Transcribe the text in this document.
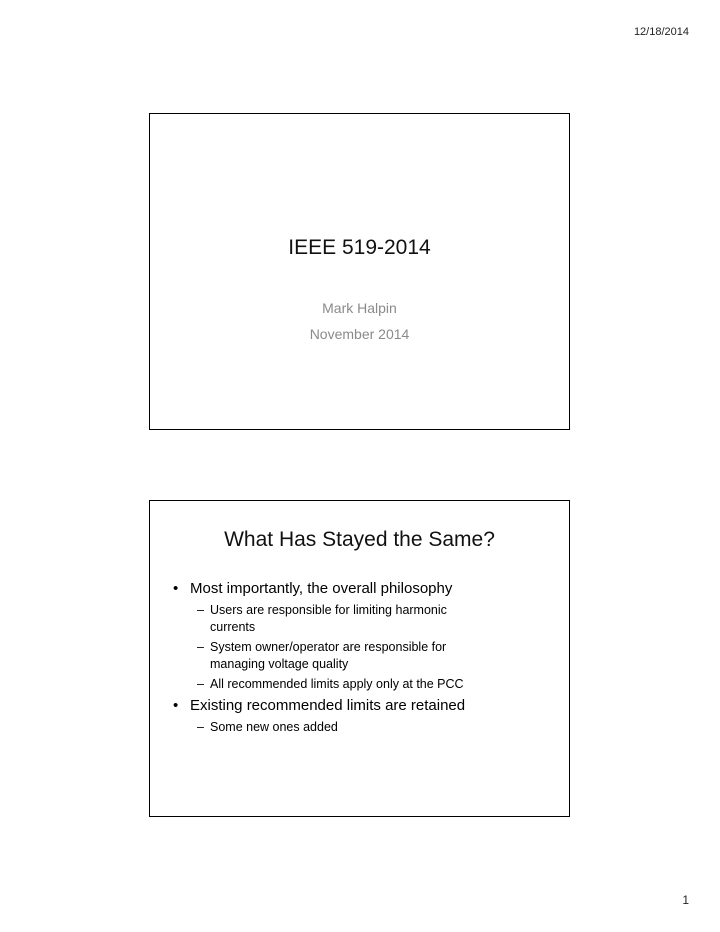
12/18/2014
IEEE 519-2014
Mark Halpin
November 2014
What Has Stayed the Same?
• Most importantly, the overall philosophy
– Users are responsible for limiting harmonic
currents
– System owner/operator are responsible for
managing voltage quality
– All recommended limits apply only at the PCC
• Existing recommended limits are retained
– Some new ones added
1
